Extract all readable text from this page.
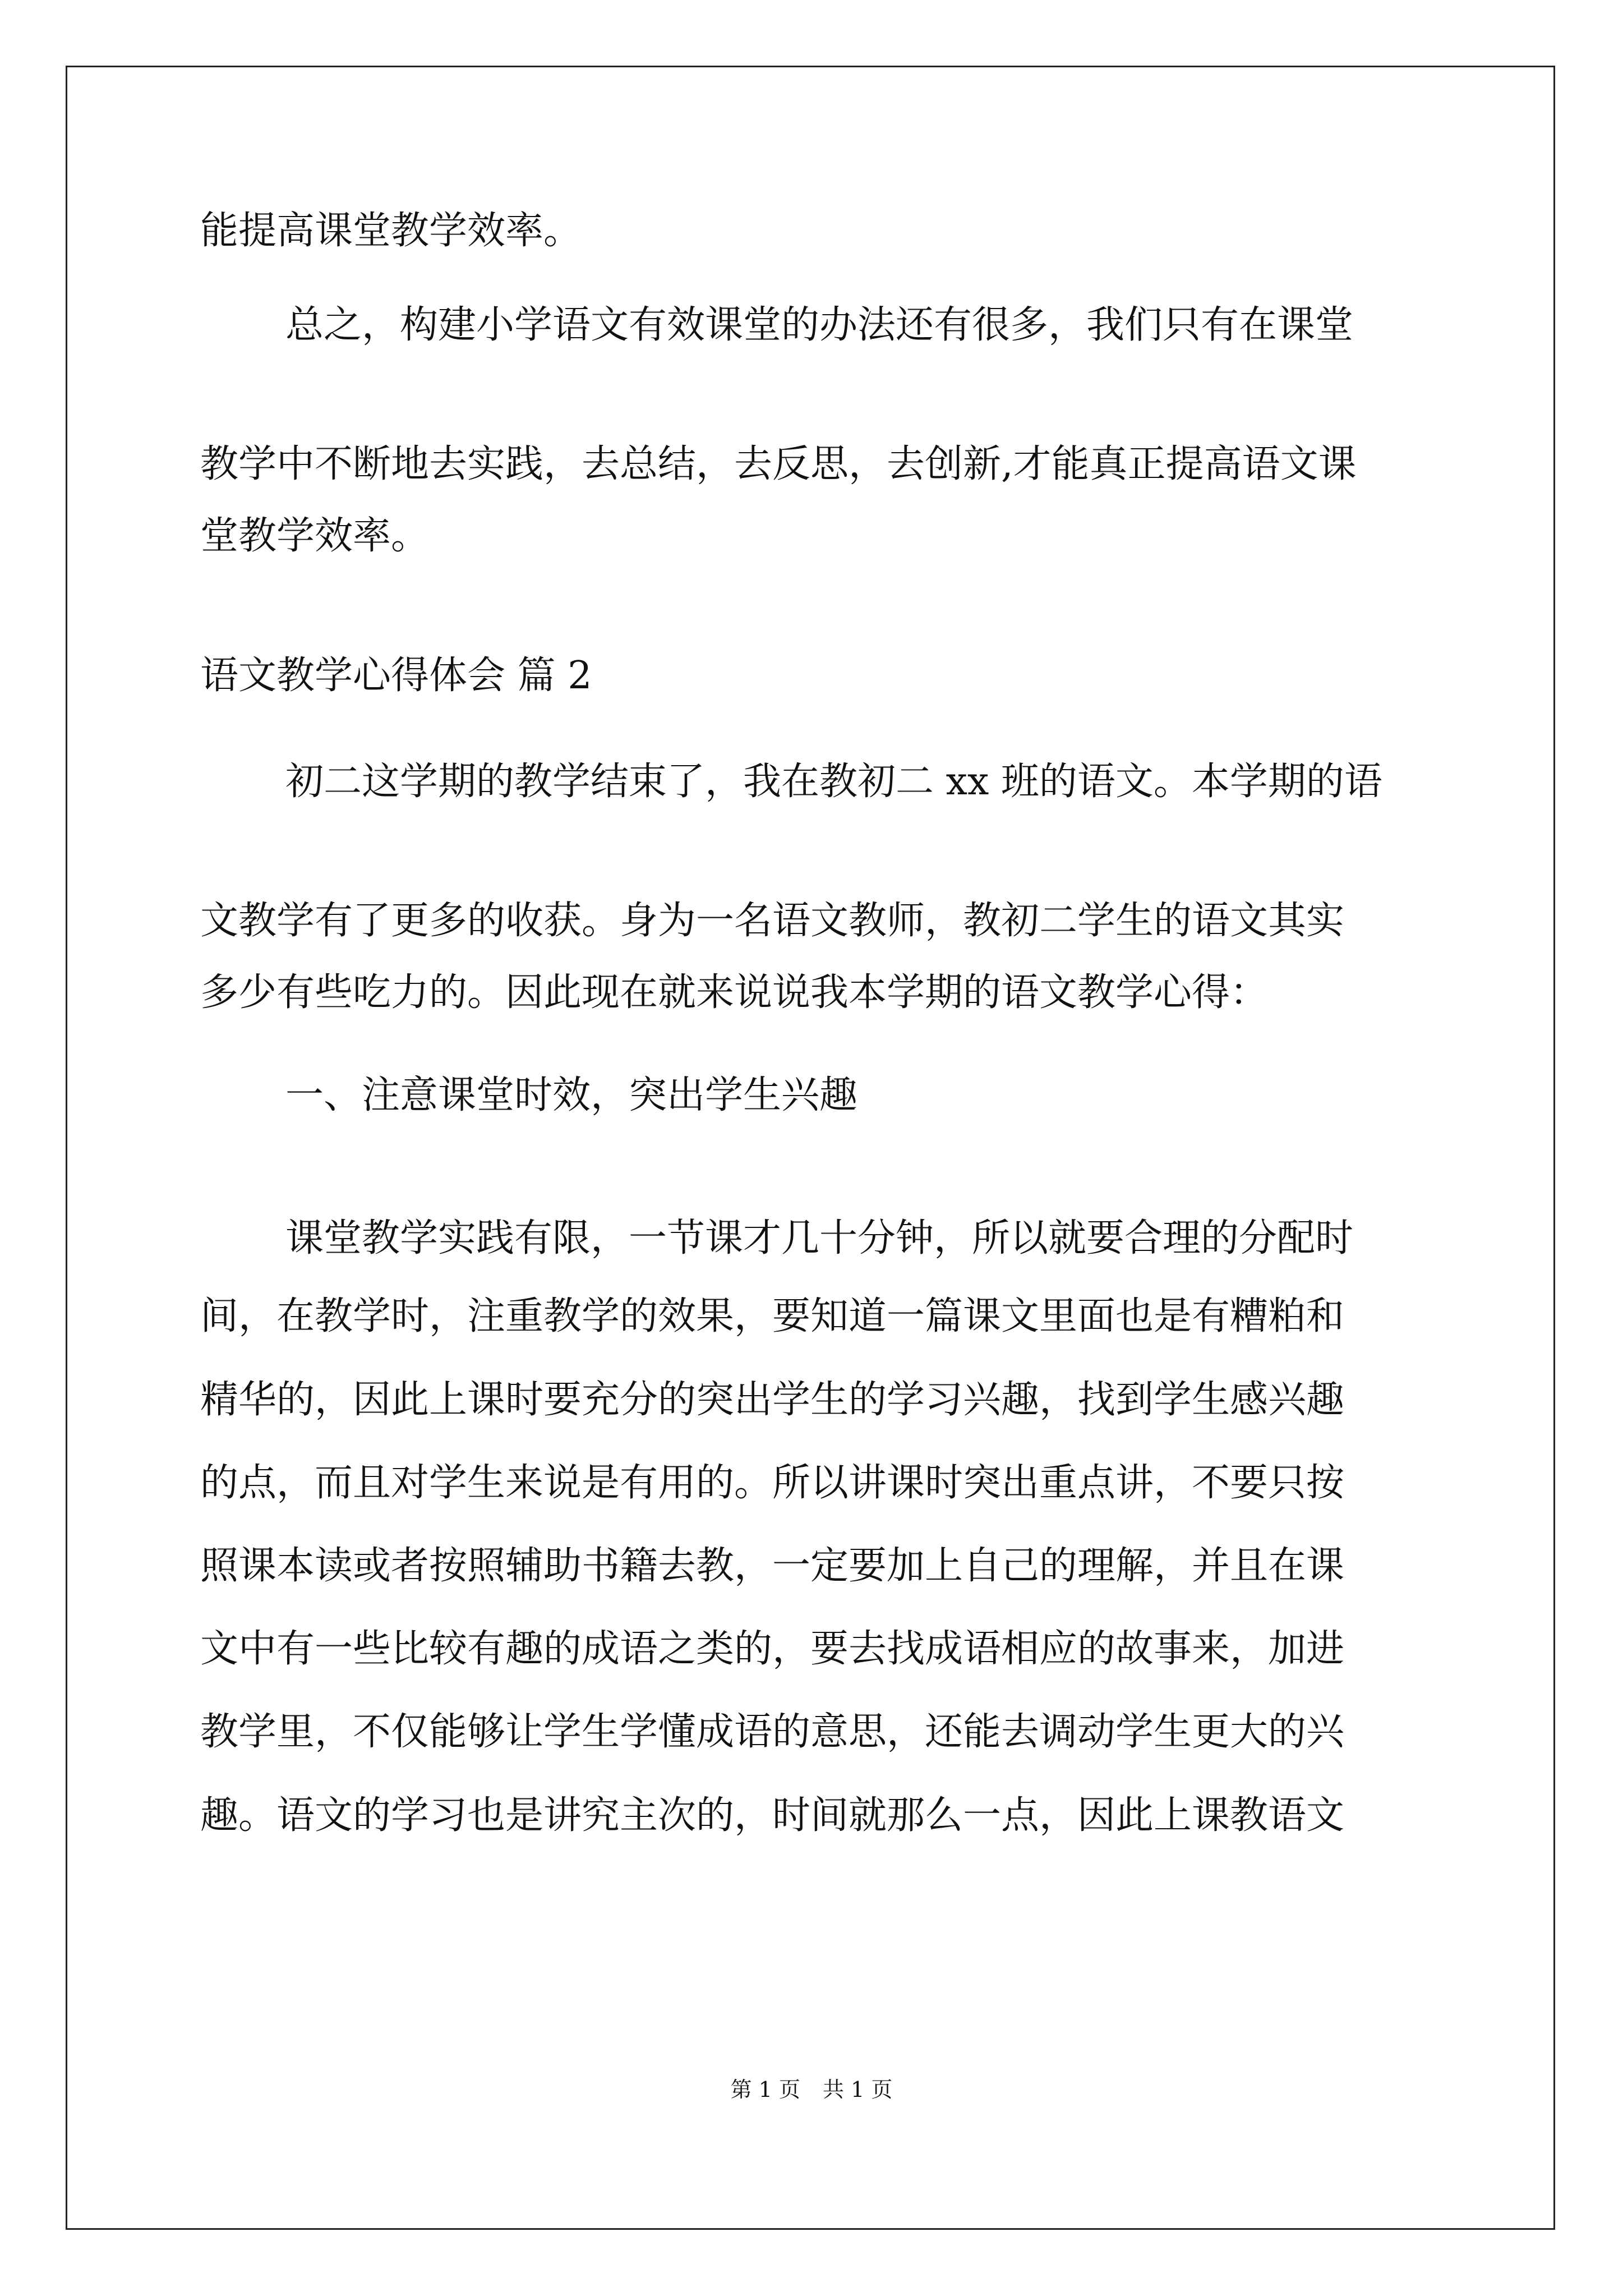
能提高课堂教学效率。
总之，构建小学语文有效课堂的办法还有很多，我们只有在课堂
教学中不断地去实践，去总结，去反思，去创新,才能真正提高语文课
堂教学效率。
语文教学心得体会 篇 2
初二这学期的教学结束了，我在教初二 xx 班的语文。本学期的语
文教学有了更多的收获。身为一名语文教师，教初二学生的语文其实
多少有些吃力的。因此现在就来说说我本学期的语文教学心得：
一、注意课堂时效，突出学生兴趣
课堂教学实践有限，一节课才几十分钟，所以就要合理的分配时
间，在教学时，注重教学的效果，要知道一篇课文里面也是有糟粕和
精华的，因此上课时要充分的突出学生的学习兴趣，找到学生感兴趣
的点，而且对学生来说是有用的。所以讲课时突出重点讲，不要只按
照课本读或者按照辅助书籍去教，一定要加上自己的理解，并且在课
文中有一些比较有趣的成语之类的，要去找成语相应的故事来，加进
教学里，不仅能够让学生学懂成语的意思，还能去调动学生更大的兴
趣。语文的学习也是讲究主次的，时间就那么一点，因此上课教语文
第 1 页 共 1 页
